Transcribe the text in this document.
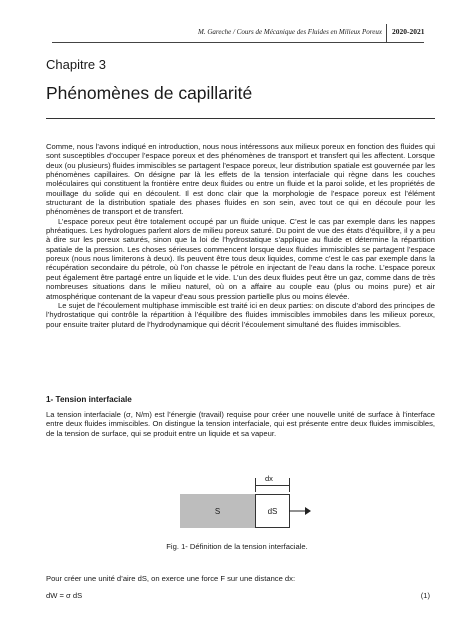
M. Gareche / Cours de Mécanique des Fluides en Milieux Poreux 2020-2021
Chapitre 3
Phénomènes de capillarité

Comme, nous l’avons indiqué en introduction, nous nous intéressons aux milieux poreux en fonction des fluides qui sont susceptibles d’occuper l’espace poreux et des phénomènes de transport et transfert qui les affectent. Lorsque deux (ou plusieurs) fluides immiscibles se partagent l’espace poreux, leur distribution spatiale est gouvernée par les phénomènes capillaires. On désigne par là les effets de la tension interfaciale qui règne dans les couches moléculaires qui constituent la frontière entre deux fluides ou entre un fluide et la paroi solide, et les propriétés de mouillage du solide qui en découlent. Il est donc clair que la morphologie de l’espace poreux est l’élément structurant de la distribution spatiale des phases fluides en son sein, avec tout ce qui en découle pour les phénomènes de transport et de transfert.

L’espace poreux peut être totalement occupé par un fluide unique. C’est le cas par exemple dans les nappes phréatiques. Les hydrologues parlent alors de milieu poreux saturé. Du point de vue des états d’équilibre, il y a peu à dire sur les poreux saturés, sinon que la loi de l’hydrostatique s’applique au fluide et détermine la répartition spatiale de la pression. Les choses sérieuses commencent lorsque deux fluides immiscibles se partagent l’espace poreux (nous nous limiterons à deux). Ils peuvent être tous deux liquides, comme c’est le cas par exemple dans la récupération secondaire du pétrole, où l’on chasse le pétrole en injectant de l’eau dans la roche. L’espace poreux peut également être partagé entre un liquide et le vide. L’un des deux fluides peut être un gaz, comme dans de très nombreuses situations dans le milieu naturel, où on a affaire au couple eau (plus ou moins pure) et air atmosphérique contenant de la vapeur d’eau sous pression partielle plus ou moins élevée.

Le sujet de l’écoulement multiphase immiscible est traité ici en deux parties: on discute d’abord des principes de l’hydrostatique qui contrôle la répartition à l’équilibre des fluides immiscibles immobiles dans les milieux poreux, pour ensuite traiter plutard de l’hydrodynamique qui décrit l’écoulement simultané des fluides immiscibles.

1- Tension interfaciale
La tension interfaciale (σ, N/m) est l’énergie (travail) requise pour créer une nouvelle unité de surface à l’interface entre deux fluides immiscibles. On distingue la tension interfaciale, qui est présente entre deux fluides immiscibles, de la tension de surface, qui se produit entre un liquide et sa vapeur.
dx
S	dS
Fig. 1- Définition de la tension interfaciale.
Pour créer une unité d’aire dS, on exerce une force F sur une distance dx:
dW = σ dS	(1)
